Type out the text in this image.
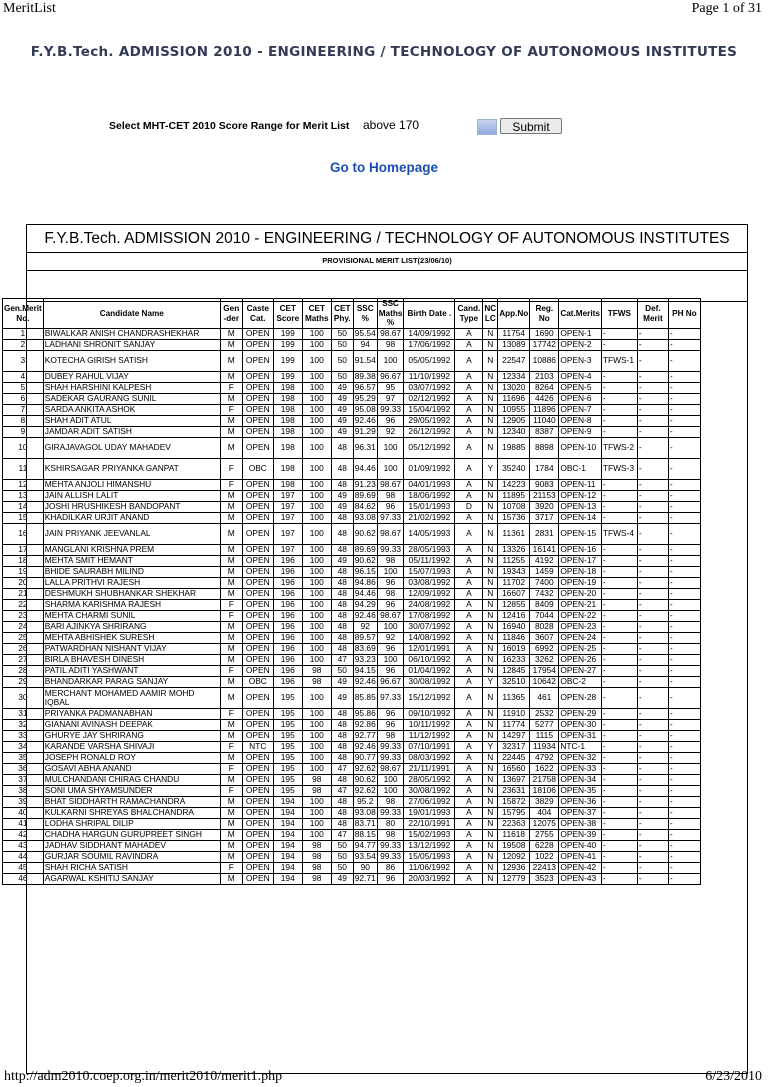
MeritList	Page 1 of 31
F.Y.B.Tech. ADMISSION 2010 - ENGINEERING / TECHNOLOGY OF AUTONOMOUS INSTITUTES
Select MHT-CET 2010 Score Range for Merit List above 170	Submit
Go to Homepage
F.Y.B.Tech. ADMISSION 2010 - ENGINEERING / TECHNOLOGY OF AUTONOMOUS INSTITUTES
PROVISIONAL MERIT LIST(23/06/10)
Gen.Merit No.	Candidate Name	Gen -der	Caste Cat.	CET Score	CET Maths	CET Phy.	SSC %	SSC Maths %	Birth Date .	Cand. Type	NC LC	App.No	Reg. No	Cat.Merits	TFWS	Def. Merit	PH No
1	BIWALKAR ANISH CHANDRASHEKHAR	M	OPEN	199	100	50	95.54	98.67	14/09/1992	A	N	11754	1690	OPEN-1	-	-	-
2	LADHANI SHRONIT SANJAY	M	OPEN	199	100	50	94	98	17/06/1992	A	N	13089	17742	OPEN-2	-	-	-
3	KOTECHA GIRISH SATISH	M	OPEN	199	100	50	91.54	100	05/05/1992	A	N	22547	10886	OPEN-3	TFWS-1	-	-
4	DUBEY RAHUL VIJAY	M	OPEN	199	100	50	89.38	96.67	11/10/1992	A	N	12334	2103	OPEN-4	-	-	-
5	SHAH HARSHINI KALPESH	F	OPEN	198	100	49	96.57	95	03/07/1992	A	N	13020	8264	OPEN-5	-	-	-
6	SADEKAR GAURANG SUNIL	M	OPEN	198	100	49	95.29	97	02/12/1992	A	N	11696	4426	OPEN-6	-	-	-
7	SARDA ANKITA ASHOK	F	OPEN	198	100	49	95.08	99.33	15/04/1992	A	N	10955	11896	OPEN-7	-	-	-
8	SHAH ADIT ATUL	M	OPEN	198	100	49	92.46	96	29/05/1992	A	N	12905	11040	OPEN-8	-	-	-
9	JAMDAR ADIT SATISH	M	OPEN	198	100	49	91.29	92	26/12/1992	A	N	12340	8387	OPEN-9	-	-	-
10	GIRAJAVAGOL UDAY MAHADEV	M	OPEN	198	100	48	96.31	100	05/12/1992	A	N	19885	8898	OPEN-10	TFWS-2	-	-
11	KSHIRSAGAR PRIYANKA GANPAT	F	OBC	198	100	48	94.46	100	01/09/1992	A	Y	35240	1784	OBC-1	TFWS-3	-	-
12	MEHTA ANJOLI HIMANSHU	F	OPEN	198	100	48	91.23	98.67	04/01/1993	A	N	14223	9083	OPEN-11	-	-	-
13	JAIN ALLISH LALIT	M	OPEN	197	100	49	89.69	98	18/06/1992	A	N	11895	21153	OPEN-12	-	-	-
14	JOSHI HRUSHIKESH BANDOPANT	M	OPEN	197	100	49	84.62	96	15/01/1993	D	N	10708	3920	OPEN-13	-	-	-
15	KHADILKAR URJIT ANAND	M	OPEN	197	100	48	93.08	97.33	21/02/1992	A	N	15736	3717	OPEN-14	-	-	-
16	JAIN PRIYANK JEEVANLAL	M	OPEN	197	100	48	90.62	98.67	14/05/1993	A	N	11361	2831	OPEN-15	TFWS-4	-	-
17	MANGLANI KRISHNA PREM	M	OPEN	197	100	48	89.69	99.33	28/05/1993	A	N	13326	16141	OPEN-16	-	-	-
18	MEHTA SMIT HEMANT	M	OPEN	196	100	49	90.62	98	05/11/1992	A	N	11255	4192	OPEN-17	-	-	-
19	BHIDE SAURABH MILIND	M	OPEN	196	100	48	96.15	100	15/07/1993	A	N	19343	1459	OPEN-18	-	-	-
20	LALLA PRITHVI RAJESH	M	OPEN	196	100	48	94.86	96	03/08/1992	A	N	11702	7400	OPEN-19	-	-	-
21	DESHMUKH SHUBHANKAR SHEKHAR	M	OPEN	196	100	48	94.46	98	12/09/1992	A	N	16607	7432	OPEN-20	-	-	-
22	SHARMA KARISHMA RAJESH	F	OPEN	196	100	48	94.29	96	24/08/1992	A	N	12855	8409	OPEN-21	-	-	-
23	MEHTA CHARMI SUNIL	F	OPEN	196	100	48	92.46	98.67	17/08/1992	A	N	12416	7044	OPEN-22	-	-	-
24	BARI AJINKYA SHRIRANG	M	OPEN	196	100	48	92	100	30/07/1992	A	N	16940	8028	OPEN-23	-	-	-
25	MEHTA ABHISHEK SURESH	M	OPEN	196	100	48	89.57	92	14/08/1992	A	N	11846	3607	OPEN-24	-	-	-
26	PATWARDHAN NISHANT VIJAY	M	OPEN	196	100	48	83.69	96	12/01/1991	A	N	16019	6992	OPEN-25	-	-	-
27	BIRLA BHAVESH DINESH	M	OPEN	196	100	47	93.23	100	06/10/1992	A	N	16233	3262	OPEN-26	-	-	-
28	PATIL ADITI YASHWANT	F	OPEN	196	98	50	94.15	96	01/04/1992	A	N	12845	17954	OPEN-27	-	-	-
29	BHANDARKAR PARAG SANJAY	M	OBC	196	98	49	92.46	96.67	30/08/1992	A	Y	32510	10642	OBC-2	-	-	-
30	MERCHANT MOHAMED AAMIR MOHD IQBAL	M	OPEN	195	100	49	85.85	97.33	15/12/1992	A	N	11365	461	OPEN-28	-	-	-
31	PRIYANKA PADMANABHAN	F	OPEN	195	100	48	95.86	96	09/10/1992	A	N	11910	2532	OPEN-29	-	-	-
32	GIANANI AVINASH DEEPAK	M	OPEN	195	100	48	92.86	96	10/11/1992	A	N	11774	5277	OPEN-30	-	-	-
33	GHURYE JAY SHRIRANG	M	OPEN	195	100	48	92.77	98	11/12/1992	A	N	14297	1115	OPEN-31	-	-	-
34	KARANDE VARSHA SHIVAJI	F	NTC	195	100	48	92.46	99.33	07/10/1991	A	Y	32317	11934	NTC-1	-	-	-
35	JOSEPH RONALD ROY	M	OPEN	195	100	48	90.77	99.33	08/03/1992	A	N	22445	4792	OPEN-32	-	-	-
36	GOSAVI ABHA ANAND	F	OPEN	195	100	47	92.62	98.67	21/11/1991	A	N	16560	1622	OPEN-33	-	-	-
37	MULCHANDANI CHIRAG CHANDU	M	OPEN	195	98	48	90.62	100	28/05/1992	A	N	13697	21758	OPEN-34	-	-	-
38	SONI UMA SHYAMSUNDER	F	OPEN	195	98	47	92.62	100	30/08/1992	A	N	23631	18106	OPEN-35	-	-	-
39	BHAT SIDDHARTH RAMACHANDRA	M	OPEN	194	100	48	95.2	98	27/06/1992	A	N	15872	3829	OPEN-36	-	-	-
40	KULKARNI SHREYAS BHALCHANDRA	M	OPEN	194	100	48	93.08	99.33	19/01/1993	A	N	15795	404	OPEN-37	-	-	-
41	LODHA SHRIPAL DILIP	M	OPEN	194	100	48	83.71	80	22/10/1991	A	N	22363	12075	OPEN-38	-	-	-
42	CHADHA HARGUN GURUPREET SINGH	M	OPEN	194	100	47	88.15	98	15/02/1993	A	N	11618	2755	OPEN-39	-	-	-
43	JADHAV SIDDHANT MAHADEV	M	OPEN	194	98	50	94.77	99.33	13/12/1992	A	N	19508	6228	OPEN-40	-	-	-
44	GURJAR SOUMIL RAVINDRA	M	OPEN	194	98	50	93.54	99.33	15/05/1993	A	N	12092	1022	OPEN-41	-	-	-
45	SHAH RICHA SATISH	F	OPEN	194	98	50	90	86	11/06/1992	A	N	12936	22413	OPEN-42	-	-	-
46	AGARWAL KSHITIJ SANJAY	M	OPEN	194	98	49	92.71	96	20/03/1992	A	N	12779	3523	OPEN-43	-	-	-
http://adm2010.coep.org.in/merit2010/merit1.php	6/23/2010
